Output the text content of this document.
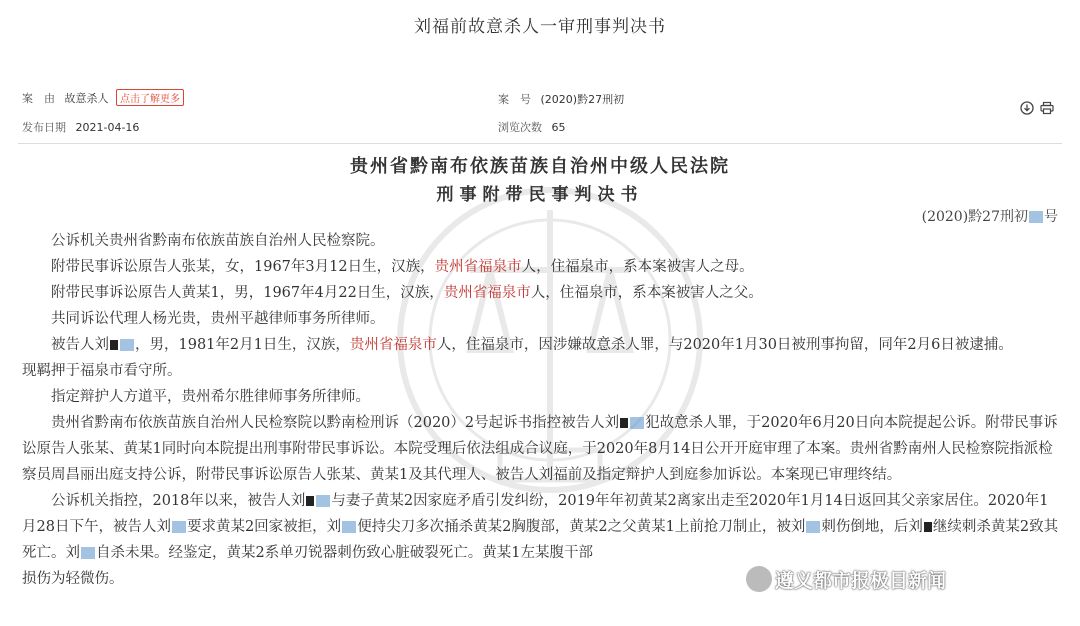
刘福前故意杀人一审刑事判决书
案　由 故意杀人 点击了解更多	案　号 (2020)黔27刑初
发布日期 2021-04-16	浏览次数 65
贵州省黔南布依族苗族自治州中级人民法院
刑事附带民事判决书
(2020)黔27刑初 号

公诉机关贵州省黔南布依族苗族自治州人民检察院。

附带民事诉讼原告人张某，女，1967年3月12日生，汉族，贵州省福泉市人，住福泉市，系本案被害人之母。

附带民事诉讼原告人黄某1，男，1967年4月22日生，汉族，贵州省福泉市人，住福泉市，系本案被害人之父。

共同诉讼代理人杨光贵，贵州平越律师事务所律师。

被告人刘 ，男，1981年2月1日生，汉族，贵州省福泉市人，住福泉市，因涉嫌故意杀人罪，与2020年1月30日被刑事拘留，同年2月6日被逮捕。

现羁押于福泉市看守所。

指定辩护人方道平，贵州希尔胜律师事务所律师。

贵州省黔南布依族苗族自治州人民检察院以黔南检刑诉（2020）2号起诉书指控被告人刘 犯故意杀人罪，于2020年6月20日向本院提起公诉。附带民事诉讼原告人张某、黄某1同时向本院提出刑事附带民事诉讼。本院受理后依法组成合议庭，于2020年8月14日公开开庭审理了本案。贵州省黔南州人民检察院指派检察员周昌丽出庭支持公诉，附带民事诉讼原告人张某、黄某1及其代理人、被告人刘福前及指定辩护人到庭参加诉讼。本案现已审理终结。

公诉机关指控，2018年以来，被告人刘 与妻子黄某2因家庭矛盾引发纠纷，2019年年初黄某2离家出走至2020年1月14日返回其父亲家居住。2020年1月28日下午，被告人刘 要求黄某2回家被拒，刘 便持尖刀多次捅杀黄某2胸腹部，黄某2之父黄某1上前抢刀制止，被刘 刺伤倒地，后刘 继续刺杀黄某2致其死亡。刘 自杀未果。经鉴定，黄某2系单刃锐器刺伤致心脏破裂死亡。黄某1左某腹干部
损伤为轻微伤。	遵义都市报极目新闻
